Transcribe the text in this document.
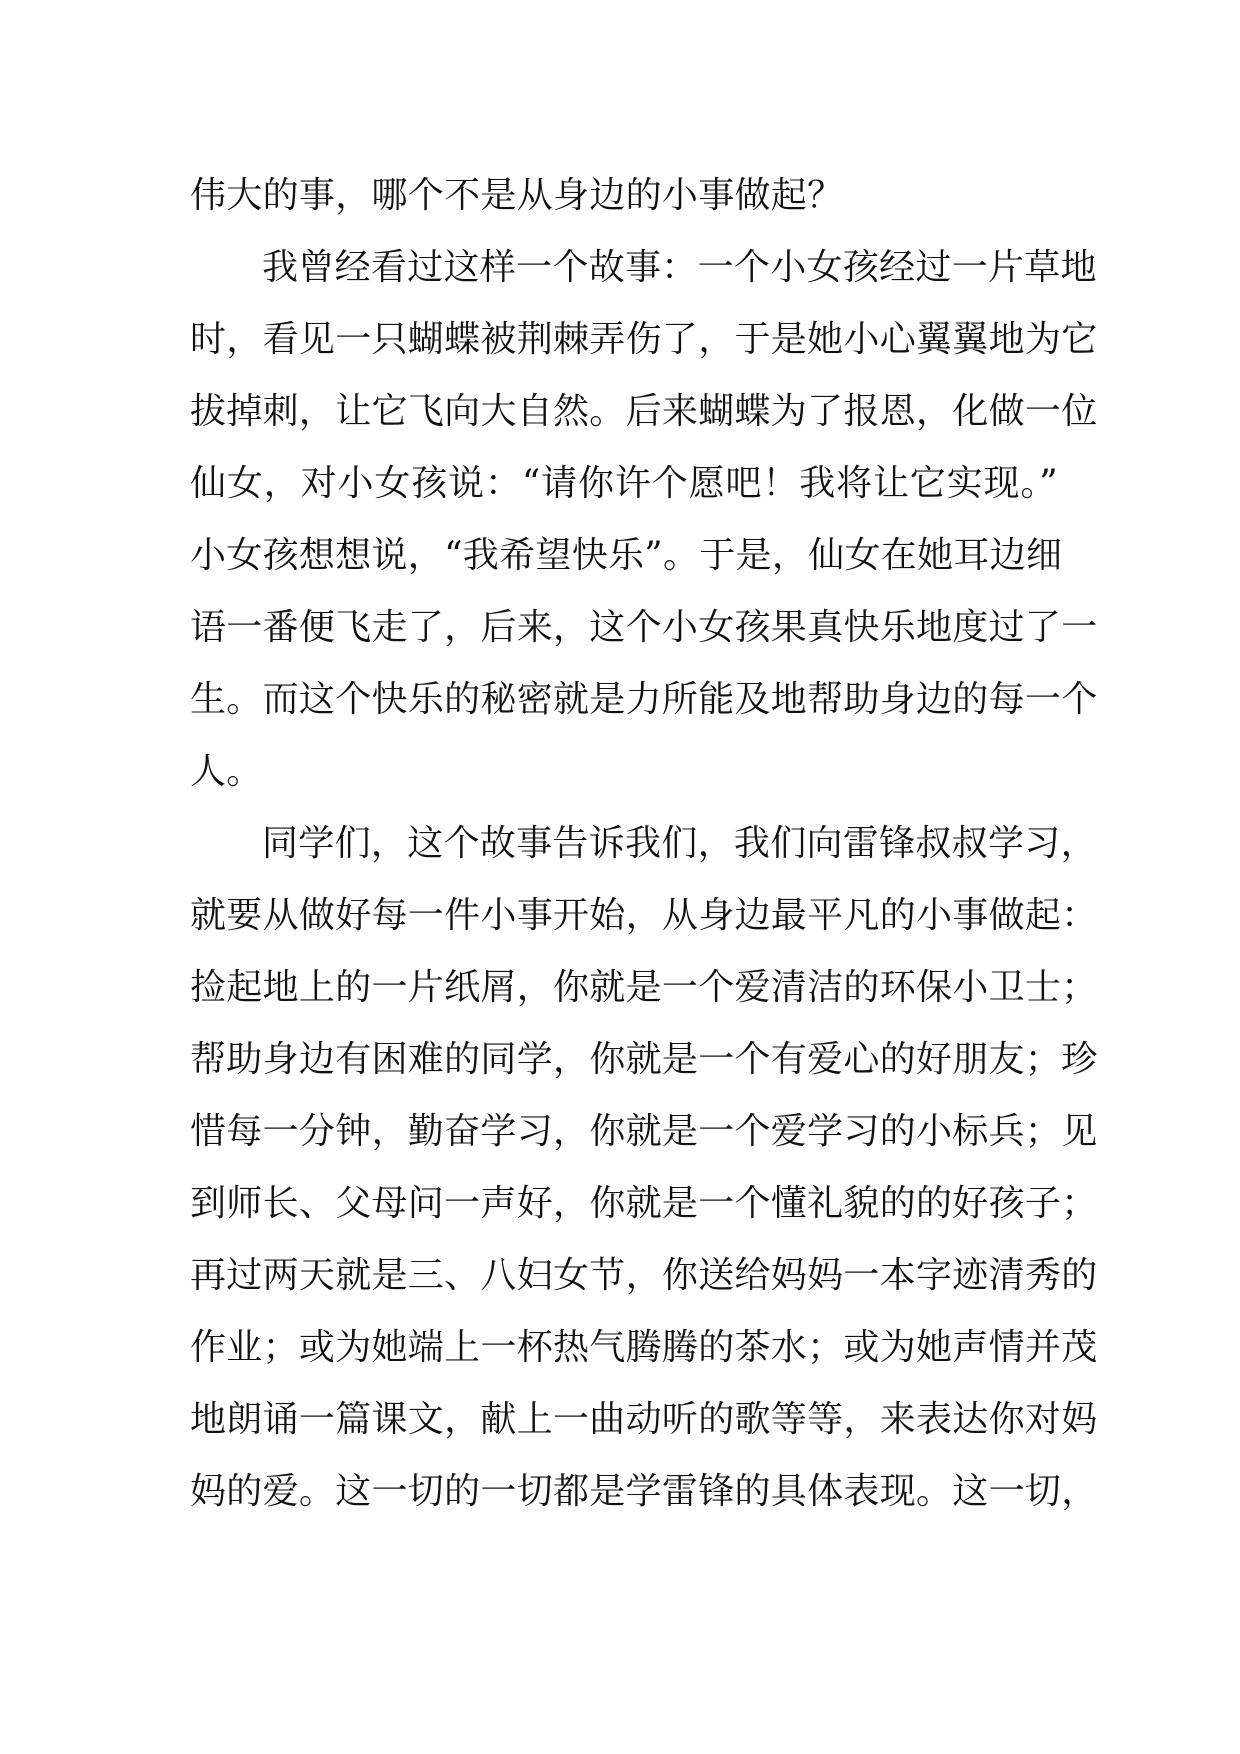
伟大的事，哪个不是从身边的小事做起？
我曾经看过这样一个故事：一个小女孩经过一片草地
时，看见一只蝴蝶被荆棘弄伤了，于是她小心翼翼地为它
拔掉刺，让它飞向大自然。后来蝴蝶为了报恩，化做一位
仙女，对小女孩说：“请你许个愿吧！我将让它实现。”
小女孩想想说，“我希望快乐”。于是，仙女在她耳边细
语一番便飞走了，后来，这个小女孩果真快乐地度过了一
生。而这个快乐的秘密就是力所能及地帮助身边的每一个
人。
同学们，这个故事告诉我们，我们向雷锋叔叔学习，
就要从做好每一件小事开始，从身边最平凡的小事做起：
捡起地上的一片纸屑，你就是一个爱清洁的环保小卫士；
帮助身边有困难的同学，你就是一个有爱心的好朋友；珍
惜每一分钟，勤奋学习，你就是一个爱学习的小标兵；见
到师长、父母问一声好，你就是一个懂礼貌的的好孩子；
再过两天就是三、八妇女节，你送给妈妈一本字迹清秀的
作业；或为她端上一杯热气腾腾的茶水；或为她声情并茂
地朗诵一篇课文，献上一曲动听的歌等等，来表达你对妈
妈的爱。这一切的一切都是学雷锋的具体表现。这一切，
